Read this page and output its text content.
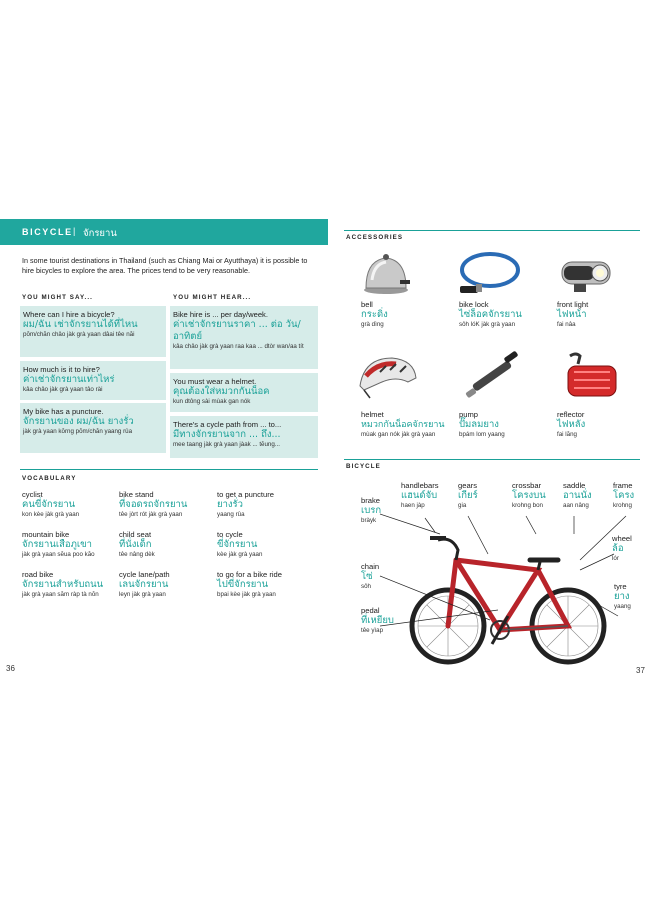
BICYCLE | จักรยาน
In some tourist destinations in Thailand (such as Chiang Mai or Ayutthaya) it is possible to hire bicycles to explore the area. The prices tend to be very reasonable.
YOU MIGHT SAY...	YOU MIGHT HEAR...
Where can I hire a bicycle?
ผม/ฉัน เช่าจักรยานได้ที่ไหน
pŏm/chăn châo jàk grà yaan dâai têe năi
How much is it to hire?
ค่าเช่าจักรยานเท่าไหร่
kâa châo jàk grà yaan tâo rài
My bike has a puncture.
จักรยานของ ผม/ฉัน ยางรั่ว
jàk grà yaan kŏrng pŏm/chăn yaang rûa
Bike hire is ... per day/week.
ค่าเช่าจักรยานราคา ... ต่อ วัน/อาทิตย์
kâa châo jàk grà yaan raa kaa ... dtòr wan/aa tít
You must wear a helmet.
คุณต้องใส่หมวกกันน็อค
kun dtông sài mùak gan nók
There's a cycle path from ... to...
มีทางจักรยานจาก ... ถึง...
mee taang jàk grà yaan jàak ... tĕung...
VOCABULARY
cyclist
คนขี่จักรยาน
kon kèe jàk grà yaan
bike stand
ที่จอดรถจักรยาน
têe jòrt rót jàk grà yaan
to get a puncture
ยางรั่ว
yaang rûa
mountain bike
จักรยานเสือภูเขา
jàk grà yaan sĕua poo kăo
child seat
ที่นั่งเด็ก
têe nâng dèk
to cycle
ขี่จักรยาน
kèe jàk grà yaan
road bike
จักรยานสำหรับถนน
jàk grà yaan săm ràp tà nŏn
cycle lane/path
เลนจักรยาน
leyn jàk grà yaan
to go for a bike ride
ไปขี่จักรยาน
bpai kèe jàk grà yaan
36
ACCESSORIES
bell
กระดิ่ง
grà dìng
bike lock
ไซ่ล็อคจักรยาน
sôh lóK jàk grà yaan
front light
ไฟหน้า
fai nâa
helmet
หมวกกันน็อคจักรยาน
mùak gan nók jàk grà yaan
pump
ปั๊มลมยาง
bpám lom yaang
reflector
ไฟหลัง
fai lăng
BICYCLE
handlebars
แฮนด์จับ
haen jàp
gears
เกียร์
gia
crossbar
โครงบน
krohng bon
saddle
อานนั่ง
aan nâng
frame
โครง
krohng
brake
เบรก
bràyk
wheel
ล้อ
lór
chain
โซ่
sôh	tyre
ยาง
yaang
pedal
ที่เหยียบ
têe yìap
37
